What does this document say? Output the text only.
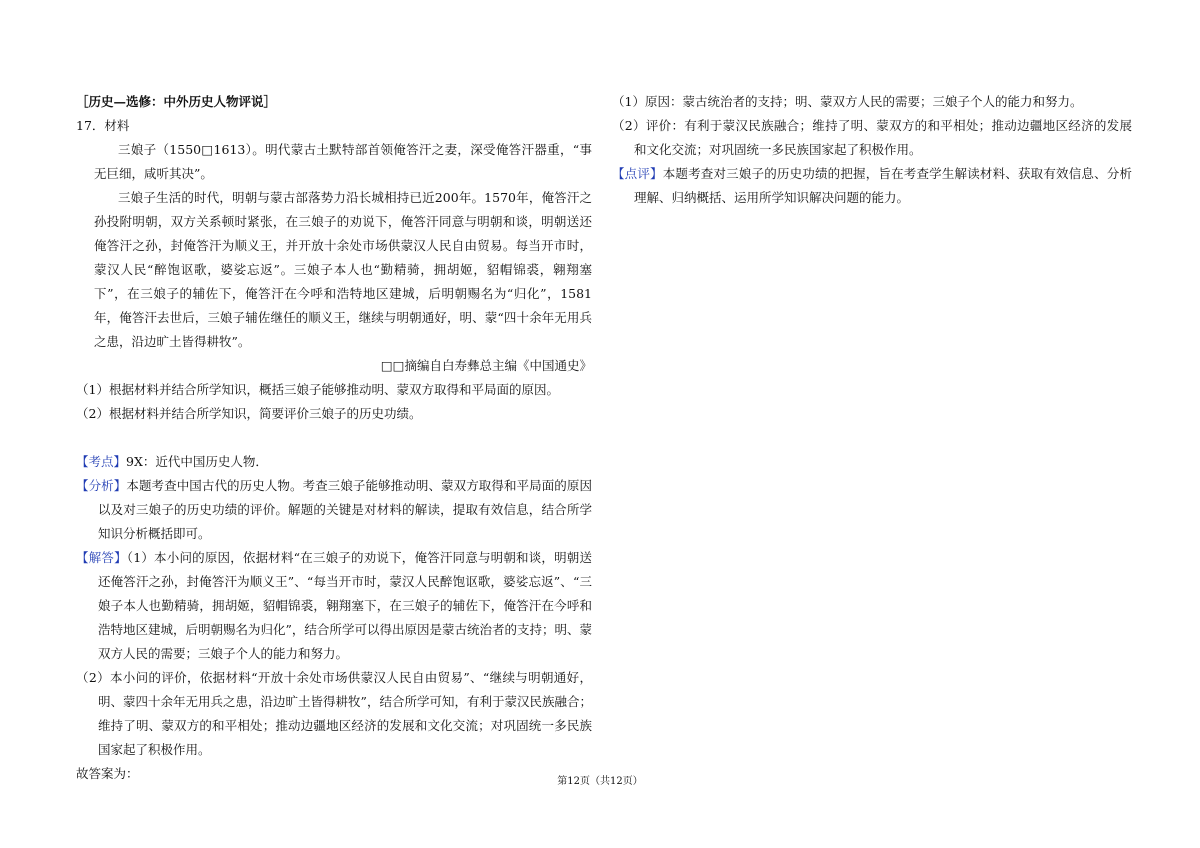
［历史—选修：中外历史人物评说］
17．材料
三娘子（1550□1613）。明代蒙古土默特部首领俺答汗之妻，深受俺答汗器重，“事无巨细，咸听其决”。
三娘子生活的时代，明朝与蒙古部落势力沿长城相持已近200年。1570年，俺答汗之孙投附明朝，双方关系顿时紧张，在三娘子的劝说下，俺答汗同意与明朝和谈，明朝送还俺答汗之孙，封俺答汗为顺义王，并开放十余处市场供蒙汉人民自由贸易。每当开市时，蒙汉人民“醉饱讴歌，婆娑忘返”。三娘子本人也“勤精骑，拥胡姬，貂帽锦裘，翱翔塞下”，在三娘子的辅佐下，俺答汗在今呼和浩特地区建城，后明朝赐名为“归化”，1581年，俺答汗去世后，三娘子辅佐继任的顺义王，继续与明朝通好，明、蒙“四十余年无用兵之患，沿边旷土皆得耕牧”。
□□摘编自白寿彝总主编《中国通史》
（1）根据材料并结合所学知识，概括三娘子能够推动明、蒙双方取得和平局面的原因。
（2）根据材料并结合所学知识，简要评价三娘子的历史功绩。
【考点】9X：近代中国历史人物．
【分析】本题考查中国古代的历史人物。考查三娘子能够推动明、蒙双方取得和平局面的原因以及对三娘子的历史功绩的评价。解题的关键是对材料的解读，提取有效信息，结合所学知识分析概括即可。
【解答】（1）本小问的原因，依据材料“在三娘子的劝说下，俺答汗同意与明朝和谈，明朝送还俺答汗之孙，封俺答汗为顺义王”、“每当开市时，蒙汉人民醉饱讴歌，婆娑忘返”、“三娘子本人也勤精骑，拥胡姬，貂帽锦裘，翱翔塞下，在三娘子的辅佐下，俺答汗在今呼和浩特地区建城，后明朝赐名为归化”，结合所学可以得出原因是蒙古统治者的支持；明、蒙双方人民的需要；三娘子个人的能力和努力。
（2）本小问的评价，依据材料“开放十余处市场供蒙汉人民自由贸易”、“继续与明朝通好，明、蒙四十余年无用兵之患，沿边旷土皆得耕牧”，结合所学可知，有利于蒙汉民族融合；维持了明、蒙双方的和平相处；推动边疆地区经济的发展和文化交流；对巩固统一多民族国家起了积极作用。
故答案为：
（1）原因：蒙古统治者的支持；明、蒙双方人民的需要；三娘子个人的能力和努力。
（2）评价：有利于蒙汉民族融合；维持了明、蒙双方的和平相处；推动边疆地区经济的发展和文化交流；对巩固统一多民族国家起了积极作用。
【点评】本题考查对三娘子的历史功绩的把握，旨在考查学生解读材料、获取有效信息、分析理解、归纳概括、运用所学知识解决问题的能力。
第12页（共12页）
